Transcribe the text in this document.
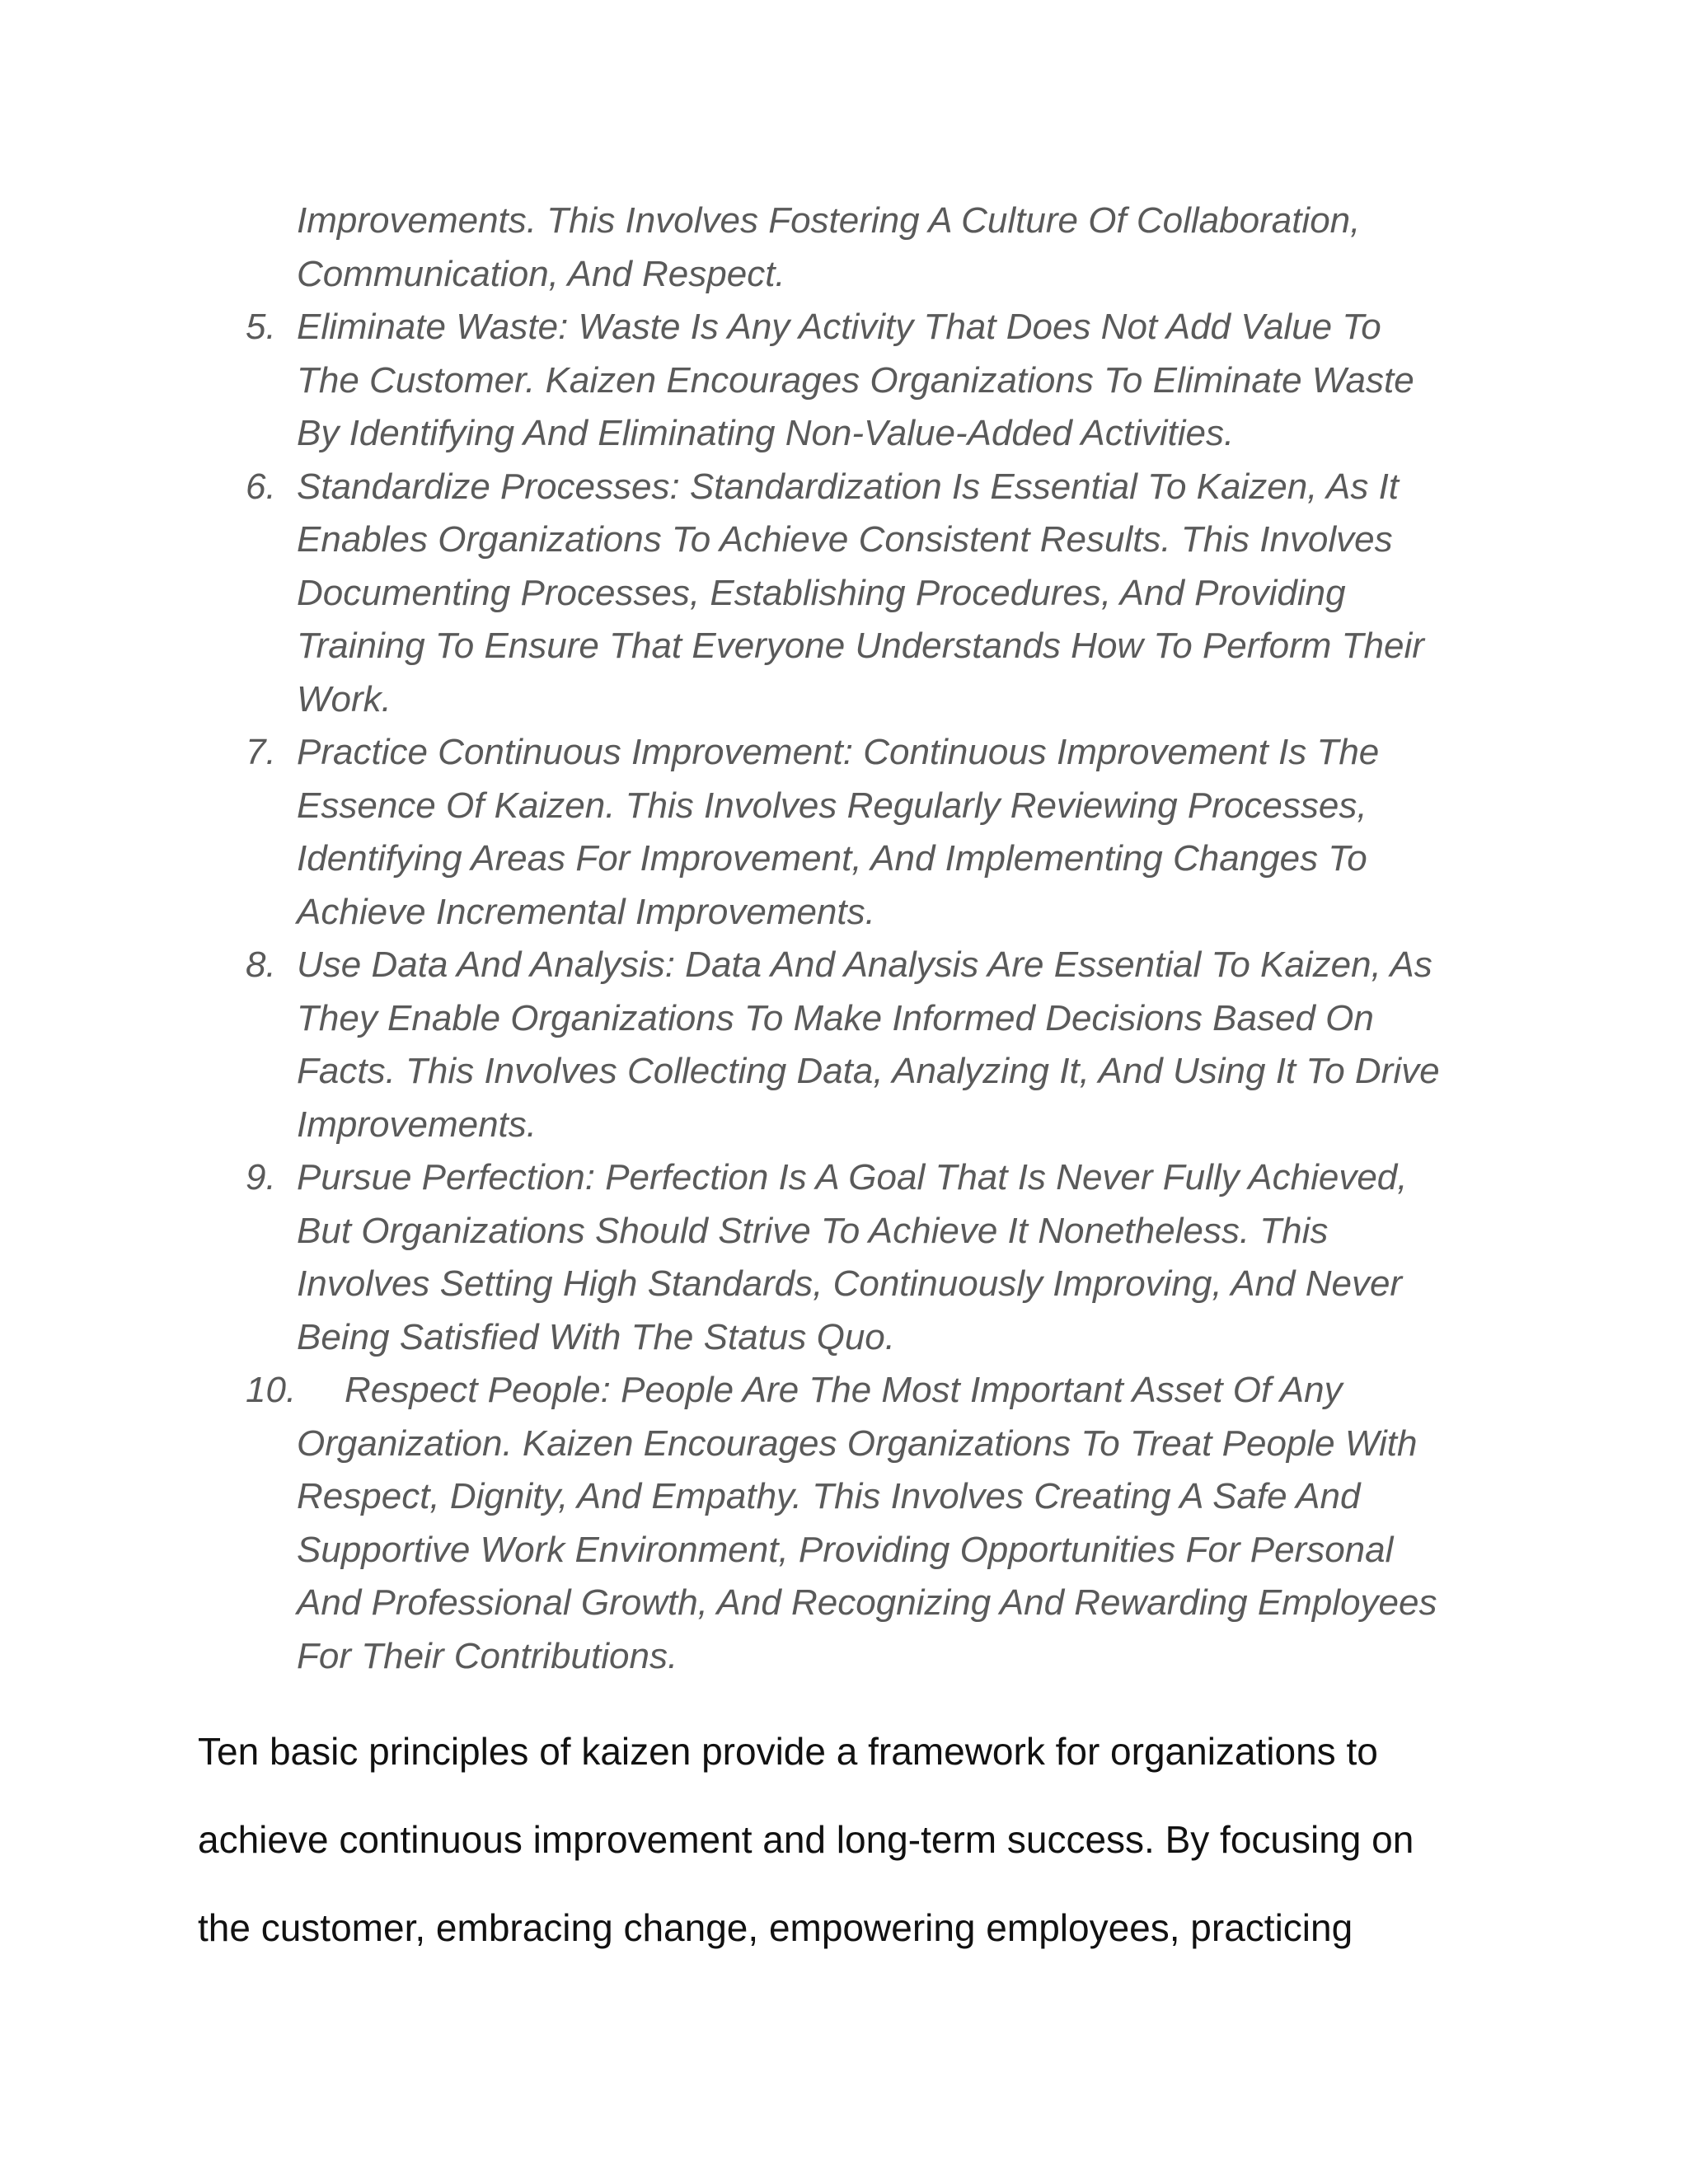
Improvements. This Involves Fostering A Culture Of Collaboration,
Communication, And Respect.
5. Eliminate Waste: Waste Is Any Activity That Does Not Add Value To
The Customer. Kaizen Encourages Organizations To Eliminate Waste
By Identifying And Eliminating Non-Value-Added Activities.
6. Standardize Processes: Standardization Is Essential To Kaizen, As It
Enables Organizations To Achieve Consistent Results. This Involves
Documenting Processes, Establishing Procedures, And Providing
Training To Ensure That Everyone Understands How To Perform Their
Work.
7. Practice Continuous Improvement: Continuous Improvement Is The
Essence Of Kaizen. This Involves Regularly Reviewing Processes,
Identifying Areas For Improvement, And Implementing Changes To
Achieve Incremental Improvements.
8. Use Data And Analysis: Data And Analysis Are Essential To Kaizen, As
They Enable Organizations To Make Informed Decisions Based On
Facts. This Involves Collecting Data, Analyzing It, And Using It To Drive
Improvements.
9. Pursue Perfection: Perfection Is A Goal That Is Never Fully Achieved,
But Organizations Should Strive To Achieve It Nonetheless. This
Involves Setting High Standards, Continuously Improving, And Never
Being Satisfied With The Status Quo.
10.	Respect People: People Are The Most Important Asset Of Any
Organization. Kaizen Encourages Organizations To Treat People With
Respect, Dignity, And Empathy. This Involves Creating A Safe And
Supportive Work Environment, Providing Opportunities For Personal
And Professional Growth, And Recognizing And Rewarding Employees
For Their Contributions.
Ten basic principles of kaizen provide a framework for organizations to
achieve continuous improvement and long-term success. By focusing on
the customer, embracing change, empowering employees, practicing
